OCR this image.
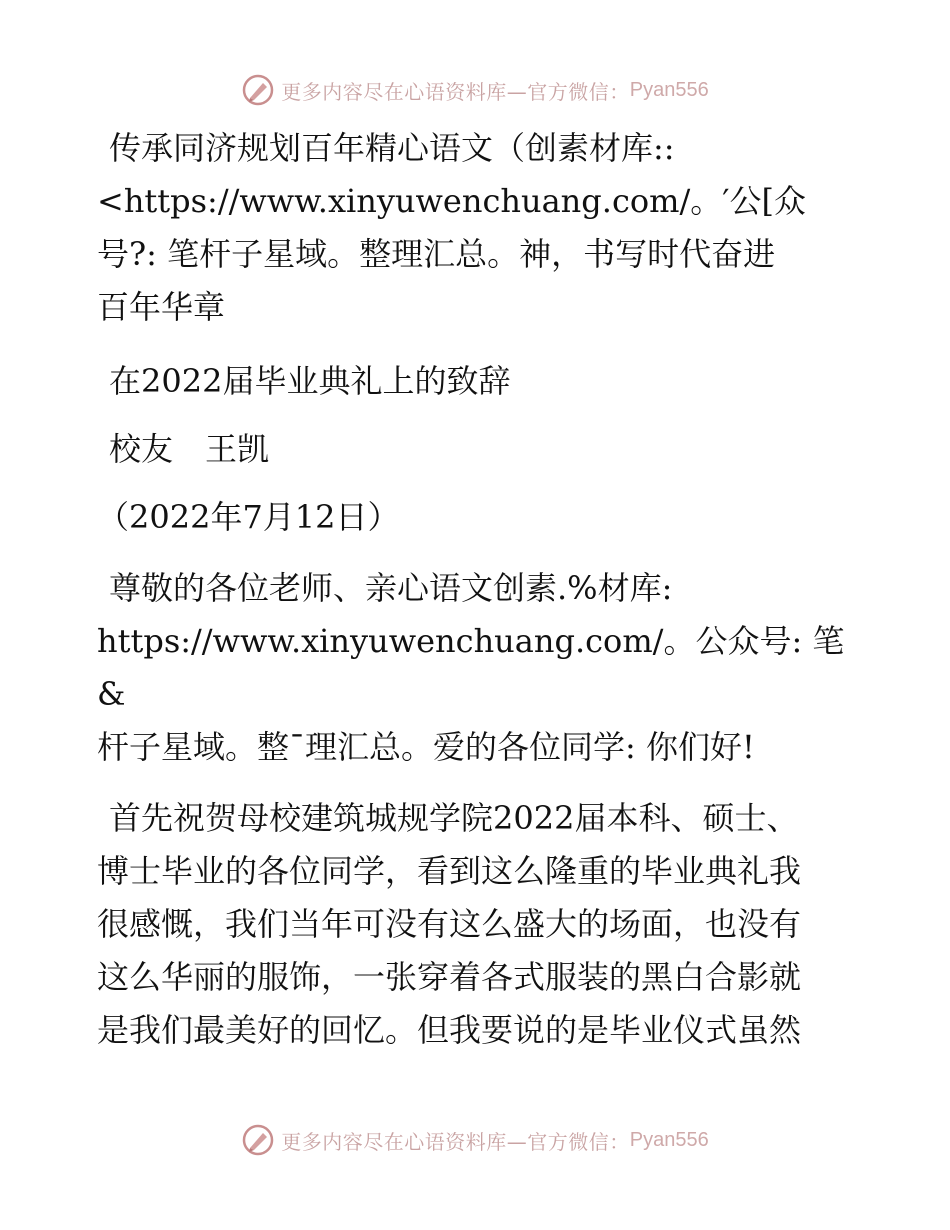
更多内容尽在心语资料库—官方微信： Pyan556

传承同济规划百年精心语文（创素材库::

<https://www.xinyuwenchuang.com/。′公[众

号?: 笔杆子星域。整理汇总。神，书写时代奋进

百年华章

在2022届毕业典礼上的致辞

校友　王凯

（2022年7月12日）

尊敬的各位老师、亲心语文创素.%材库:

https://www.xinyuwenchuang.com/。公众号: 笔&

杆子星域。整¯理汇总。爱的各位同学: 你们好!

首先祝贺母校建筑城规学院2022届本科、硕士、

博士毕业的各位同学，看到这么隆重的毕业典礼我

很感慨，我们当年可没有这么盛大的场面，也没有

这么华丽的服饰，一张穿着各式服装的黑白合影就

是我们最美好的回忆。但我要说的是毕业仪式虽然

更多内容尽在心语资料库—官方微信： Pyan556
